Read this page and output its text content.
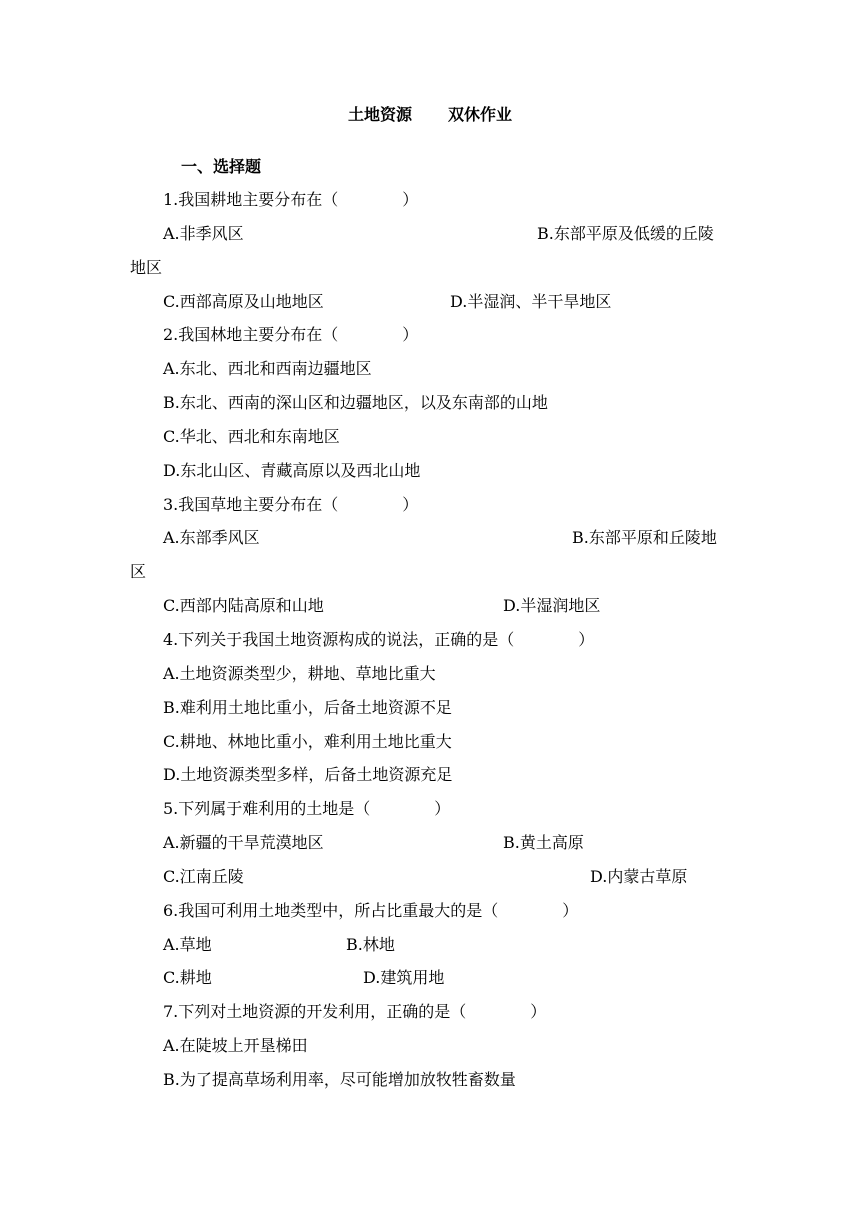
土地资源 双休作业
一、选择题
1.我国耕地主要分布在（　　　　）
A.非季风区	B.东部平原及低缓的丘陵
地区
C.西部高原及山地地区	D.半湿润、半干旱地区
2.我国林地主要分布在（　　　　）
A.东北、西北和西南边疆地区
B.东北、西南的深山区和边疆地区，以及东南部的山地
C.华北、西北和东南地区
D.东北山区、青藏高原以及西北山地
3.我国草地主要分布在（　　　　）
A.东部季风区	B.东部平原和丘陵地
区
C.西部内陆高原和山地	D.半湿润地区
4.下列关于我国土地资源构成的说法，正确的是（　　　　）
A.土地资源类型少，耕地、草地比重大
B.难利用土地比重小，后备土地资源不足
C.耕地、林地比重小，难利用土地比重大
D.土地资源类型多样，后备土地资源充足
5.下列属于难利用的土地是（　　　　）
A.新疆的干旱荒漠地区	B.黄土高原
C.江南丘陵	D.内蒙古草原
6.我国可利用土地类型中，所占比重最大的是（　　　　）
A.草地	B.林地
C.耕地	D.建筑用地
7.下列对土地资源的开发利用，正确的是（　　　　）
A.在陡坡上开垦梯田
B.为了提高草场利用率，尽可能增加放牧牲畜数量
